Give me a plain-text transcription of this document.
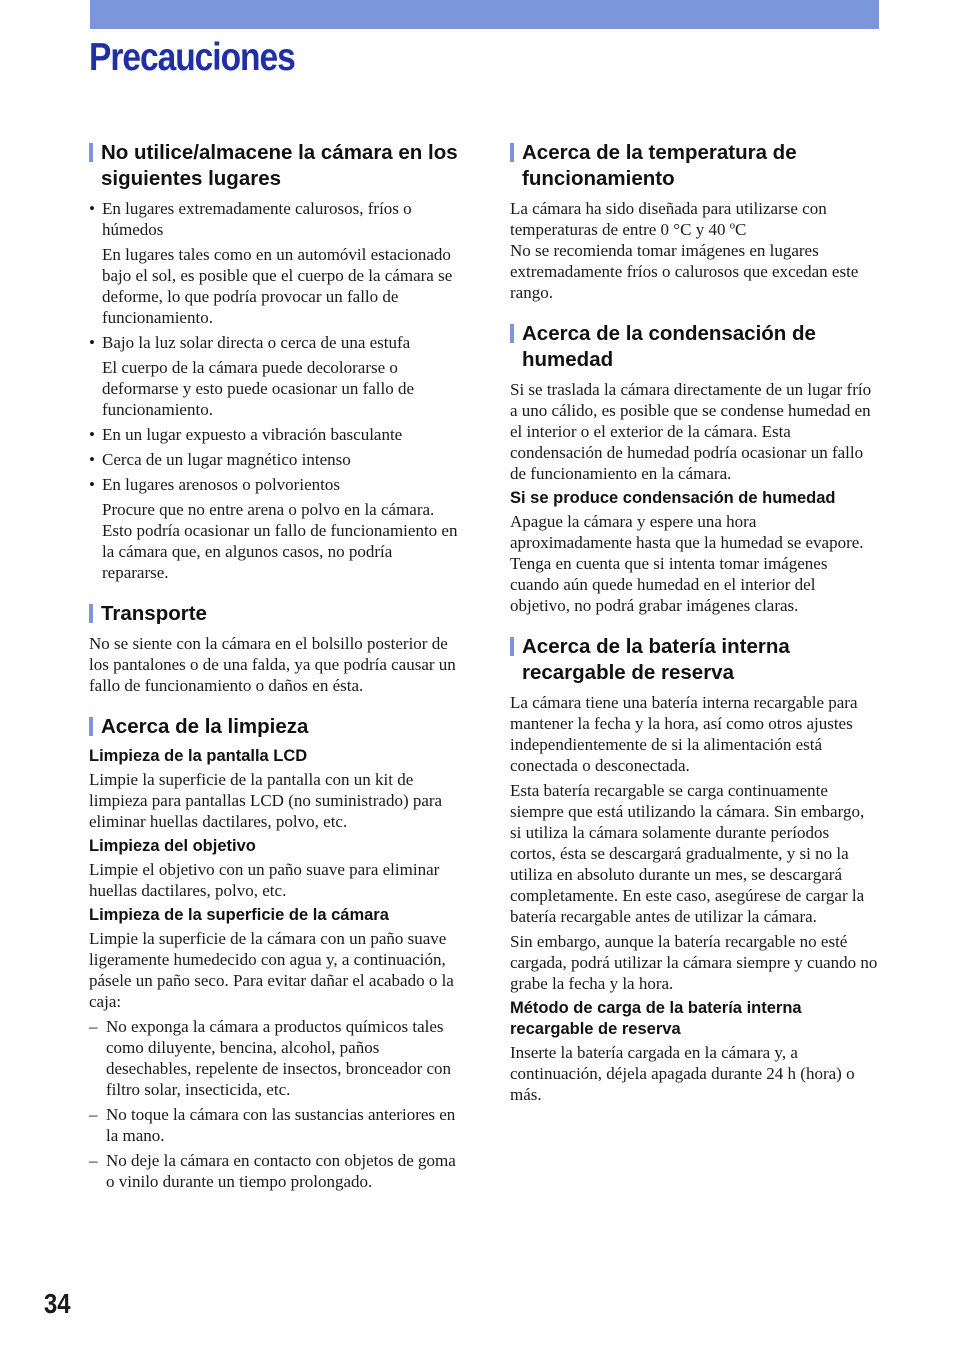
Precauciones
No utilice/almacene la cámara en los siguientes lugares
• En lugares extremadamente calurosos, fríos o húmedos
En lugares tales como en un automóvil estacionado bajo el sol, es posible que el cuerpo de la cámara se deforme, lo que podría provocar un fallo de funcionamiento.
• Bajo la luz solar directa o cerca de una estufa
El cuerpo de la cámara puede decolorarse o deformarse y esto puede ocasionar un fallo de funcionamiento.
• En un lugar expuesto a vibración basculante
• Cerca de un lugar magnético intenso
• En lugares arenosos o polvorientos
Procure que no entre arena o polvo en la cámara. Esto podría ocasionar un fallo de funcionamiento en la cámara que, en algunos casos, no podría repararse.
Transporte

No se siente con la cámara en el bolsillo posterior de los pantalones o de una falda, ya que podría causar un fallo de funcionamiento o daños en ésta.

Acerca de la limpieza
Limpieza de la pantalla LCD

Limpie la superficie de la pantalla con un kit de limpieza para pantallas LCD (no suministrado) para eliminar huellas dactilares, polvo, etc.

Limpieza del objetivo

Limpie el objetivo con un paño suave para eliminar huellas dactilares, polvo, etc.

Limpieza de la superficie de la cámara

Limpie la superficie de la cámara con un paño suave ligeramente humedecido con agua y, a continuación, pásele un paño seco. Para evitar dañar el acabado o la caja:

– No exponga la cámara a productos químicos tales como diluyente, bencina, alcohol, paños desechables, repelente de insectos, bronceador con filtro solar, insecticida, etc.
– No toque la cámara con las sustancias anteriores en la mano.
– No deje la cámara en contacto con objetos de goma o vinilo durante un tiempo prolongado.
Acerca de la temperatura de funcionamiento

La cámara ha sido diseñada para utilizarse con temperaturas de entre 0 °C y 40 ºC

No se recomienda tomar imágenes en lugares extremadamente fríos o calurosos que excedan este rango.

Acerca de la condensación de humedad

Si se traslada la cámara directamente de un lugar frío a uno cálido, es posible que se condense humedad en el interior o el exterior de la cámara. Esta condensación de humedad podría ocasionar un fallo de funcionamiento en la cámara.

Si se produce condensación de humedad

Apague la cámara y espere una hora aproximadamente hasta que la humedad se evapore. Tenga en cuenta que si intenta tomar imágenes cuando aún quede humedad en el interior del objetivo, no podrá grabar imágenes claras.

Acerca de la batería interna recargable de reserva

La cámara tiene una batería interna recargable para mantener la fecha y la hora, así como otros ajustes independientemente de si la alimentación está conectada o desconectada.

Esta batería recargable se carga continuamente siempre que está utilizando la cámara. Sin embargo, si utiliza la cámara solamente durante períodos cortos, ésta se descargará gradualmente, y si no la utiliza en absoluto durante un mes, se descargará completamente. En este caso, asegúrese de cargar la batería recargable antes de utilizar la cámara.

Sin embargo, aunque la batería recargable no esté cargada, podrá utilizar la cámara siempre y cuando no grabe la fecha y la hora.

Método de carga de la batería interna recargable de reserva

Inserte la batería cargada en la cámara y, a continuación, déjela apagada durante 24 h (hora) o más.

34
